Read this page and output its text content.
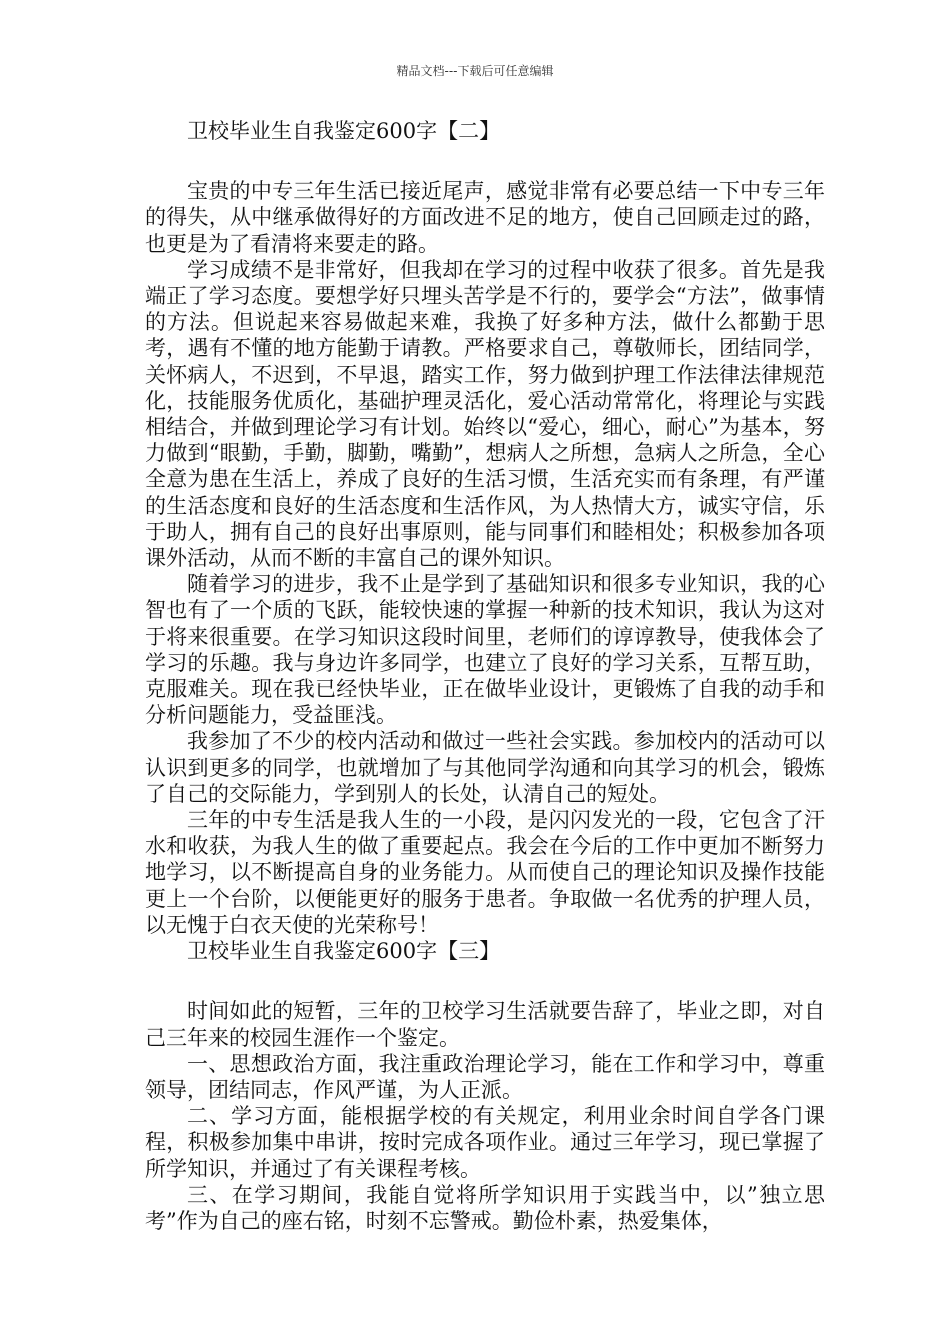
精品文档---下载后可任意编辑

卫校毕业生自我鉴定600字【二】

宝贵的中专三年生活已接近尾声，感觉非常有必要总结一下中专三年的得失，从中继承做得好的方面改进不足的地方，使自己回顾走过的路，也更是为了看清将来要走的路。

学习成绩不是非常好，但我却在学习的过程中收获了很多。首先是我端正了学习态度。要想学好只埋头苦学是不行的，要学会“方法”，做事情的方法。但说起来容易做起来难，我换了好多种方法，做什么都勤于思考，遇有不懂的地方能勤于请教。严格要求自己，尊敬师长，团结同学，关怀病人，不迟到，不早退，踏实工作，努力做到护理工作法律法律规范化，技能服务优质化，基础护理灵活化，爱心活动常常化，将理论与实践相结合，并做到理论学习有计划。始终以“爱心，细心，耐心”为基本，努力做到“眼勤，手勤，脚勤，嘴勤”，想病人之所想，急病人之所急，全心全意为患在生活上，养成了良好的生活习惯，生活充实而有条理，有严谨的生活态度和良好的生活态度和生活作风，为人热情大方，诚实守信，乐于助人，拥有自己的良好出事原则，能与同事们和睦相处；积极参加各项课外活动，从而不断的丰富自己的课外知识。

随着学习的进步，我不止是学到了基础知识和很多专业知识，我的心智也有了一个质的飞跃，能较快速的掌握一种新的技术知识，我认为这对于将来很重要。在学习知识这段时间里，老师们的谆谆教导，使我体会了学习的乐趣。我与身边许多同学，也建立了良好的学习关系，互帮互助，克服难关。现在我已经快毕业，正在做毕业设计，更锻炼了自我的动手和分析问题能力，受益匪浅。

我参加了不少的校内活动和做过一些社会实践。参加校内的活动可以认识到更多的同学，也就增加了与其他同学沟通和向其学习的机会，锻炼了自己的交际能力，学到别人的长处，认清自己的短处。

三年的中专生活是我人生的一小段，是闪闪发光的一段，它包含了汗水和收获，为我人生的做了重要起点。我会在今后的工作中更加不断努力地学习，以不断提高自身的业务能力。从而使自己的理论知识及操作技能更上一个台阶，以便能更好的服务于患者。争取做一名优秀的护理人员，以无愧于白衣天使的光荣称号！

卫校毕业生自我鉴定600字【三】

时间如此的短暂，三年的卫校学习生活就要告辞了，毕业之即，对自己三年来的校园生涯作一个鉴定。

一、思想政治方面，我注重政治理论学习，能在工作和学习中，尊重领导，团结同志，作风严谨，为人正派。

二、学习方面，能根据学校的有关规定，利用业余时间自学各门课程，积极参加集中串讲，按时完成各项作业。通过三年学习，现已掌握了所学知识，并通过了有关课程考核。

三、在学习期间，我能自觉将所学知识用于实践当中，以”独立思考”作为自己的座右铭，时刻不忘警戒。勤俭朴素，热爱集体，
